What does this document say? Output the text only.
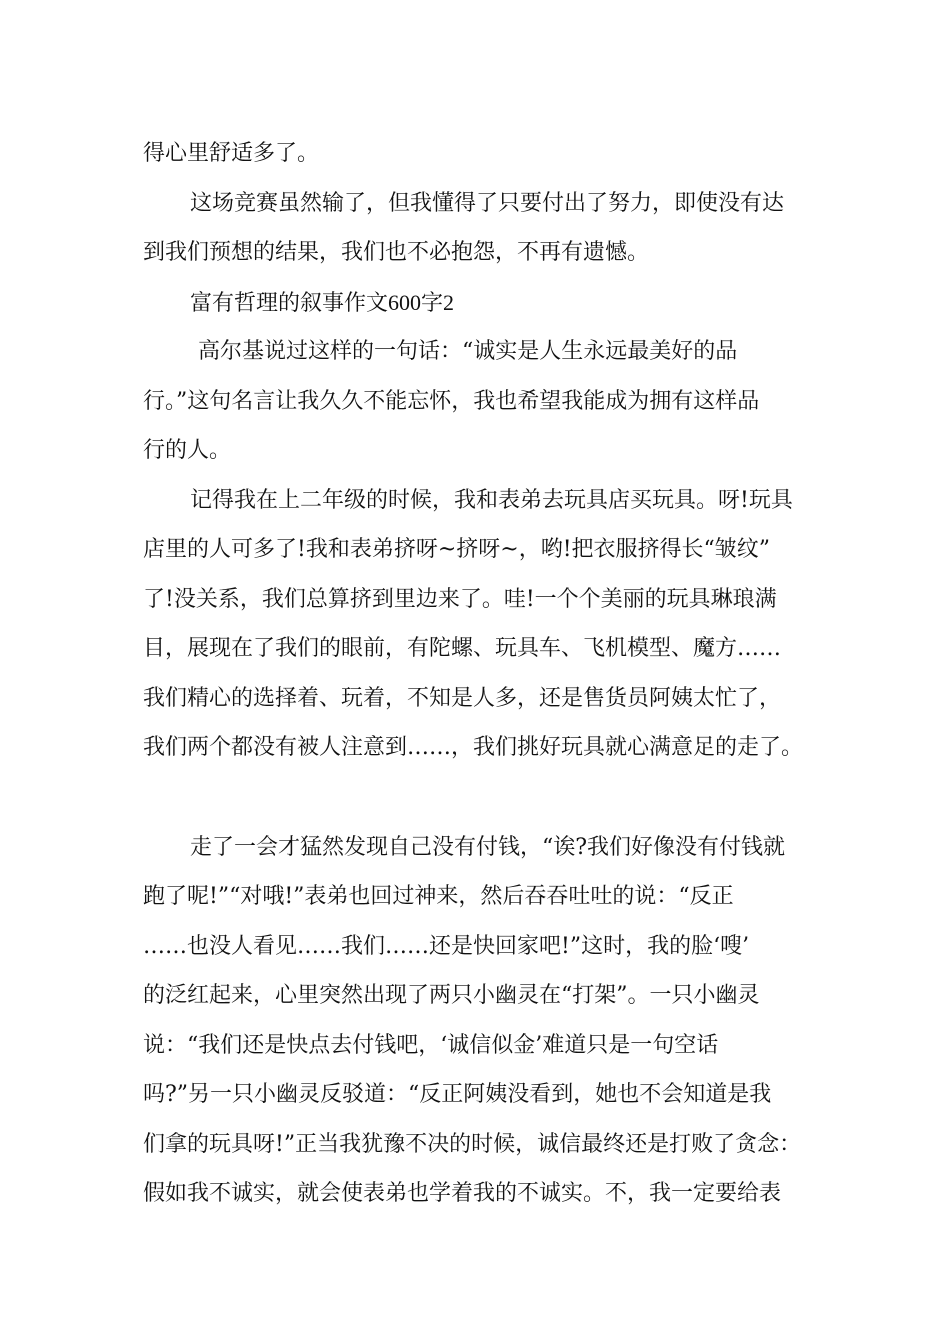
得心里舒适多了。
这场竞赛虽然输了，但我懂得了只要付出了努力，即使没有达
到我们预想的结果，我们也不必抱怨，不再有遗憾。
富有哲理的叙事作文600字2
高尔基说过这样的一句话：“诚实是人生永远最美好的品
行。”这句名言让我久久不能忘怀，我也希望我能成为拥有这样品
行的人。
记得我在上二年级的时候，我和表弟去玩具店买玩具。呀!玩具
店里的人可多了!我和表弟挤呀~挤呀~，哟!把衣服挤得长“皱纹”
了!没关系，我们总算挤到里边来了。哇!一个个美丽的玩具琳琅满
目，展现在了我们的眼前，有陀螺、玩具车、飞机模型、魔方……
我们精心的选择着、玩着，不知是人多，还是售货员阿姨太忙了，
我们两个都没有被人注意到……，我们挑好玩具就心满意足的走了。
走了一会才猛然发现自己没有付钱，“诶?我们好像没有付钱就
跑了呢!”“对哦!”表弟也回过神来，然后吞吞吐吐的说：“反正
……也没人看见……我们……还是快回家吧!”这时，我的脸‘嗖’
的泛红起来，心里突然出现了两只小幽灵在“打架”。一只小幽灵
说：“我们还是快点去付钱吧，‘诚信似金’难道只是一句空话
吗?”另一只小幽灵反驳道：“反正阿姨没看到，她也不会知道是我
们拿的玩具呀!”正当我犹豫不决的时候，诚信最终还是打败了贪念：
假如我不诚实，就会使表弟也学着我的不诚实。不，我一定要给表
